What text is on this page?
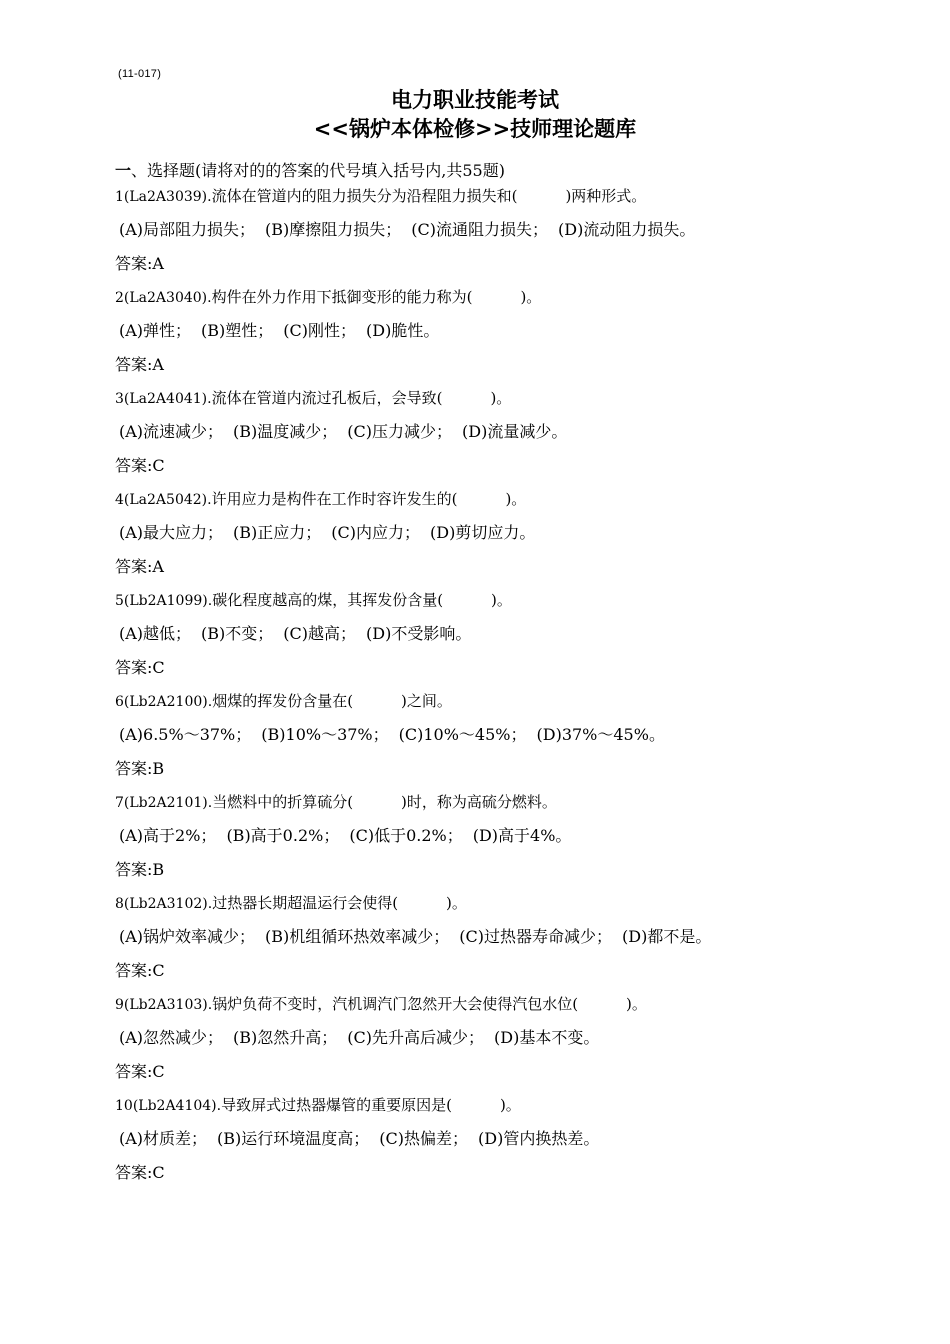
(11-017)
电力职业技能考试
<<锅炉本体检修>>技师理论题库
一、选择题(请将对的的答案的代号填入括号内,共55题)
1(La2A3039).流体在管道内的阻力损失分为沿程阻力损失和(	)两种形式。
(A)局部阻力损失； (B)摩擦阻力损失； (C)流通阻力损失； (D)流动阻力损失。
答案:A
2(La2A3040).构件在外力作用下抵御变形的能力称为(	)。
(A)弹性； (B)塑性； (C)刚性； (D)脆性。
答案:A
3(La2A4041).流体在管道内流过孔板后，会导致(	)。
(A)流速减少； (B)温度减少； (C)压力减少； (D)流量减少。
答案:C
4(La2A5042).许用应力是构件在工作时容许发生的(	)。
(A)最大应力； (B)正应力； (C)内应力； (D)剪切应力。
答案:A
5(Lb2A1099).碳化程度越高的煤，其挥发份含量(	)。
(A)越低； (B)不变； (C)越高； (D)不受影响。
答案:C
6(Lb2A2100).烟煤的挥发份含量在(	)之间。
(A)6.5%～37%； (B)10%～37%； (C)10%～45%； (D)37%～45%。
答案:B
7(Lb2A2101).当燃料中的折算硫分(	)时，称为高硫分燃料。
(A)高于2%； (B)高于0.2%； (C)低于0.2%； (D)高于4%。
答案:B
8(Lb2A3102).过热器长期超温运行会使得(	)。
(A)锅炉效率减少； (B)机组循环热效率减少； (C)过热器寿命减少； (D)都不是。
答案:C
9(Lb2A3103).锅炉负荷不变时，汽机调汽门忽然开大会使得汽包水位(	)。
(A)忽然减少； (B)忽然升高； (C)先升高后减少； (D)基本不变。
答案:C
10(Lb2A4104).导致屏式过热器爆管的重要原因是(	)。
(A)材质差； (B)运行环境温度高； (C)热偏差； (D)管内换热差。
答案:C
